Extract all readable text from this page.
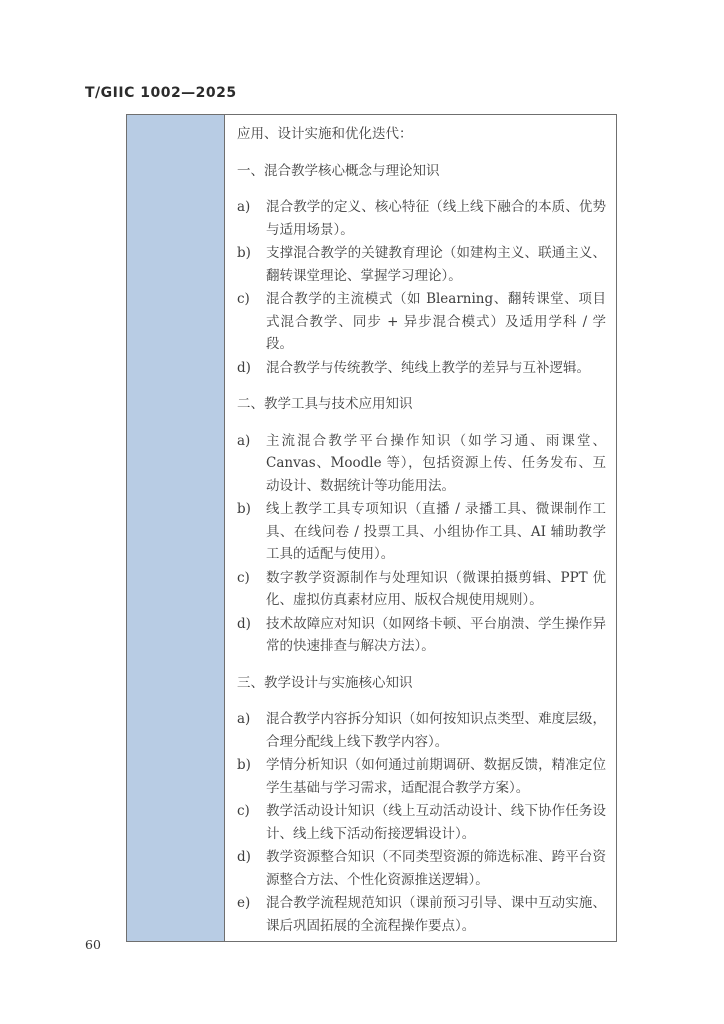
T/GIIC 1002—2025

应用、设计实施和优化迭代：

一、混合教学核心概念与理论知识
a)	混合教学的定义、核心特征（线上线下融合的本质、优势与适用场景）。
b)	支撑混合教学的关键教育理论（如建构主义、联通主义、翻转课堂理论、掌握学习理论）。
c)	混合教学的主流模式（如 Blearning、翻转课堂、项目式混合教学、同步 + 异步混合模式）及适用学科 / 学段。
d)	混合教学与传统教学、纯线上教学的差异与互补逻辑。
二、教学工具与技术应用知识
a)	主流混合教学平台操作知识（如学习通、雨课堂、Canvas、Moodle 等），包括资源上传、任务发布、互动设计、数据统计等功能用法。
b)	线上教学工具专项知识（直播 / 录播工具、微课制作工具、在线问卷 / 投票工具、小组协作工具、AI 辅助教学工具的适配与使用）。
c)	数字教学资源制作与处理知识（微课拍摄剪辑、PPT 优化、虚拟仿真素材应用、版权合规使用规则）。
d)	技术故障应对知识（如网络卡顿、平台崩溃、学生操作异常的快速排查与解决方法）。
三、教学设计与实施核心知识
a)	混合教学内容拆分知识（如何按知识点类型、难度层级，合理分配线上线下教学内容）。
b)	学情分析知识（如何通过前期调研、数据反馈，精准定位学生基础与学习需求，适配混合教学方案）。
c)	教学活动设计知识（线上互动活动设计、线下协作任务设计、线上线下活动衔接逻辑设计）。
d)	教学资源整合知识（不同类型资源的筛选标准、跨平台资源整合方法、个性化资源推送逻辑）。
e)	混合教学流程规范知识（课前预习引导、课中互动实施、课后巩固拓展的全流程操作要点）。
60
